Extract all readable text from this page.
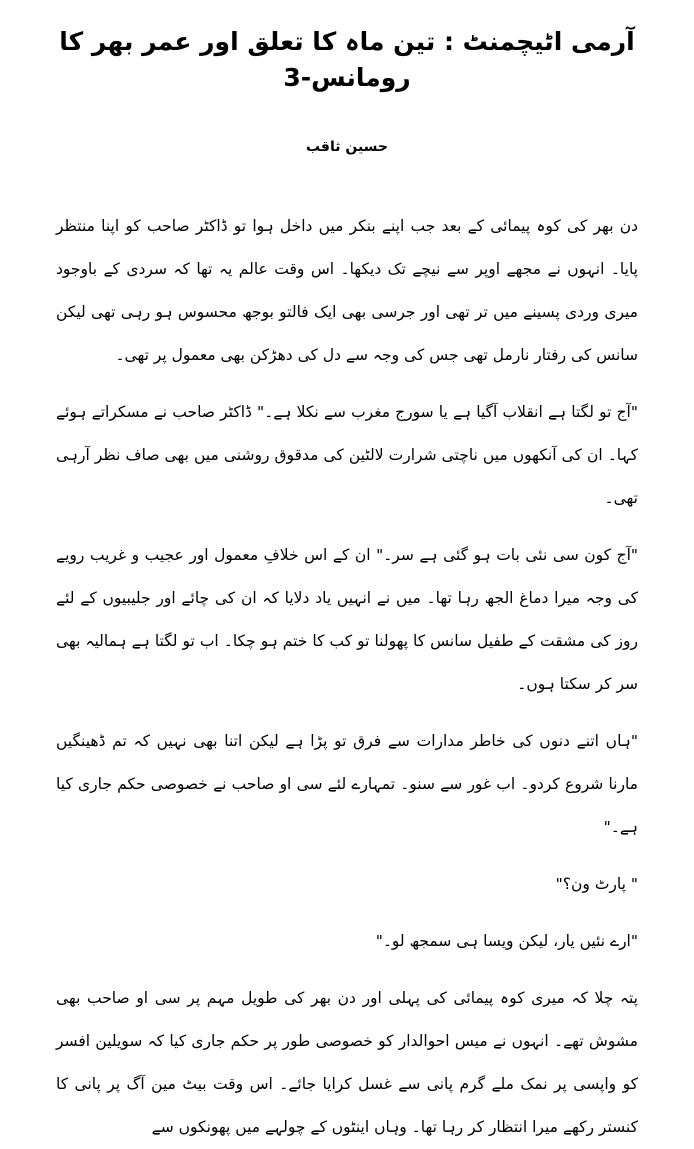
آرمی اٹیچمنٹ : تین ماہ کا تعلق اور عمر بھر کا رومانس-3
حسین ثاقب

دن بھر کی کوہ پیمائی کے بعد جب اپنے بنکر میں داخل ہوا تو ڈاکٹر صاحب کو اپنا منتظر پایا۔ انہوں نے مجھے اوپر سے نیچے تک دیکھا۔ اس وقت عالم یہ تھا کہ سردی کے باوجود میری وردی پسینے میں تر تھی اور جرسی بھی ایک فالتو بوجھ محسوس ہو رہی تھی لیکن سانس کی رفتار نارمل تھی جس کی وجہ سے دل کی دھڑکن بھی معمول پر تھی۔

"آج تو لگتا ہے انقلاب آگیا ہے یا سورج مغرب سے نکلا ہے۔" ڈاکٹر صاحب نے مسکراتے ہوئے کہا۔ ان کی آنکھوں میں ناچتی شرارت لالٹین کی مدقوق روشنی میں بھی صاف نظر آرہی تھی۔

"آج کون سی نئی بات ہو گئی ہے سر۔" ان کے اس خلافِ معمول اور عجیب و غریب رویے کی وجہ میرا دماغ الجھ رہا تھا۔ میں نے انہیں یاد دلایا کہ ان کی چائے اور جلیبیوں کے لئے روز کی مشقت کے طفیل سانس کا پھولنا تو کب کا ختم ہو چکا۔ اب تو لگتا ہے ہمالیہ بھی سر کر سکتا ہوں۔

"ہاں اتنے دنوں کی خاطر مدارات سے فرق تو پڑا ہے لیکن اتنا بھی نہیں کہ تم ڈھینگیں مارنا شروع کردو۔ اب غور سے سنو۔ تمہارے لئے سی او صاحب نے خصوصی حکم جاری کیا ہے۔"

" پارٹ ون؟"

"ارے نئیں یار، لیکن ویسا ہی سمجھ لو۔"

پتہ چلا کہ میری کوہ پیمائی کی پہلی اور دن بھر کی طویل مہم پر سی او صاحب بھی مشوش تھے۔ انہوں نے میس احوالدار کو خصوصی طور پر حکم جاری کیا کہ سویلین افسر کو واپسی پر نمک ملے گرم پانی سے غسل کرایا جائے۔ اس وقت بیٹ مین آگ پر پانی کا کنستر رکھے میرا انتظار کر رہا تھا۔ وہاں اینٹوں کے چولہے میں پھونکوں سے
